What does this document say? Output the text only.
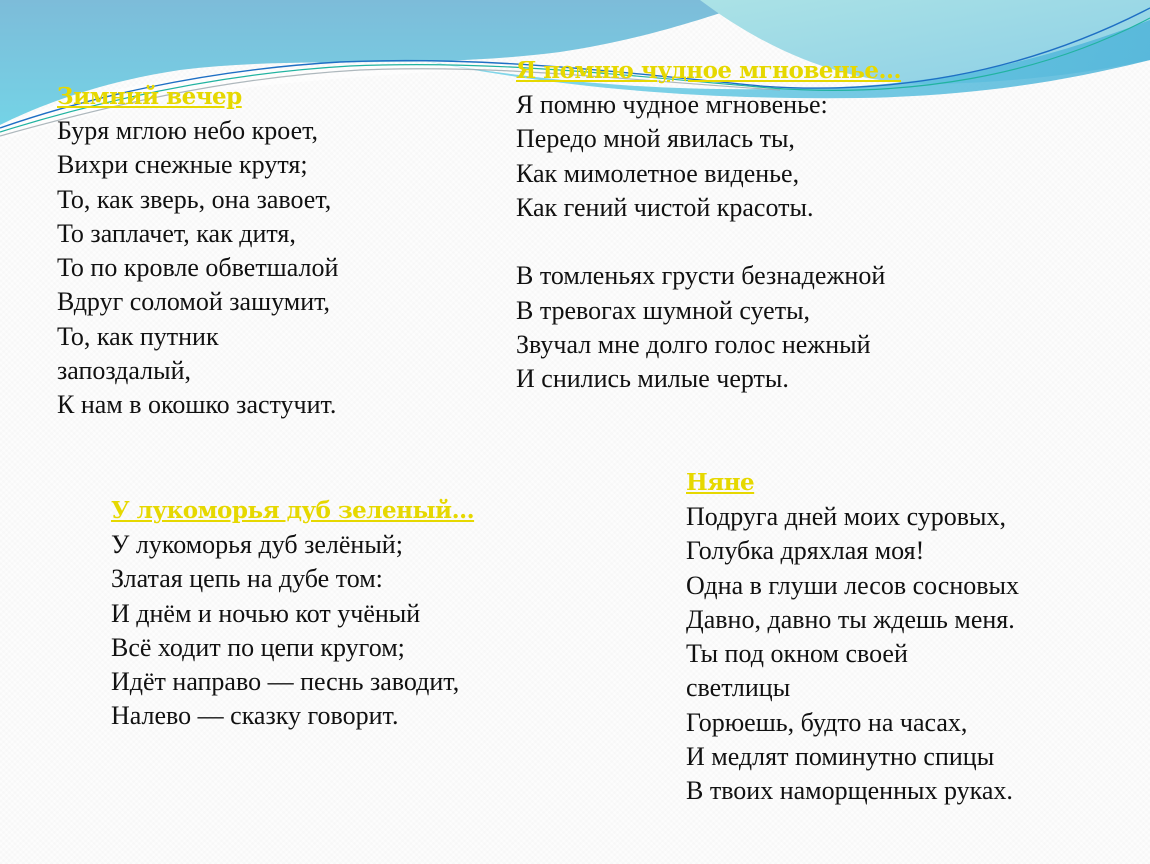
Зимний вечер
Буря мглою небо кроет,
Вихри снежные крутя;
То, как зверь, она завоет,
То заплачет, как дитя,
То по кровле обветшалой
Вдруг соломой зашумит,
То, как путник
запоздалый,
К нам в окошко застучит.
Я помню чудное мгновенье…
Я помню чудное мгновенье:
Передо мной явилась ты,
Как мимолетное виденье,
Как гений чистой красоты.
В томленьях грусти безнадежной
В тревогах шумной суеты,
Звучал мне долго голос нежный
И снились милые черты.
У лукоморья дуб зеленый…
У лукоморья дуб зелёный;
Златая цепь на дубе том:
И днём и ночью кот учёный
Всё ходит по цепи кругом;
Идёт направо — песнь заводит,
Налево — сказку говорит.
Няне
Подруга дней моих суровых,
Голубка дряхлая моя!
Одна в глуши лесов сосновых
Давно, давно ты ждешь меня.
Ты под окном своей
светлицы
Горюешь, будто на часах,
И медлят поминутно спицы
В твоих наморщенных руках.
